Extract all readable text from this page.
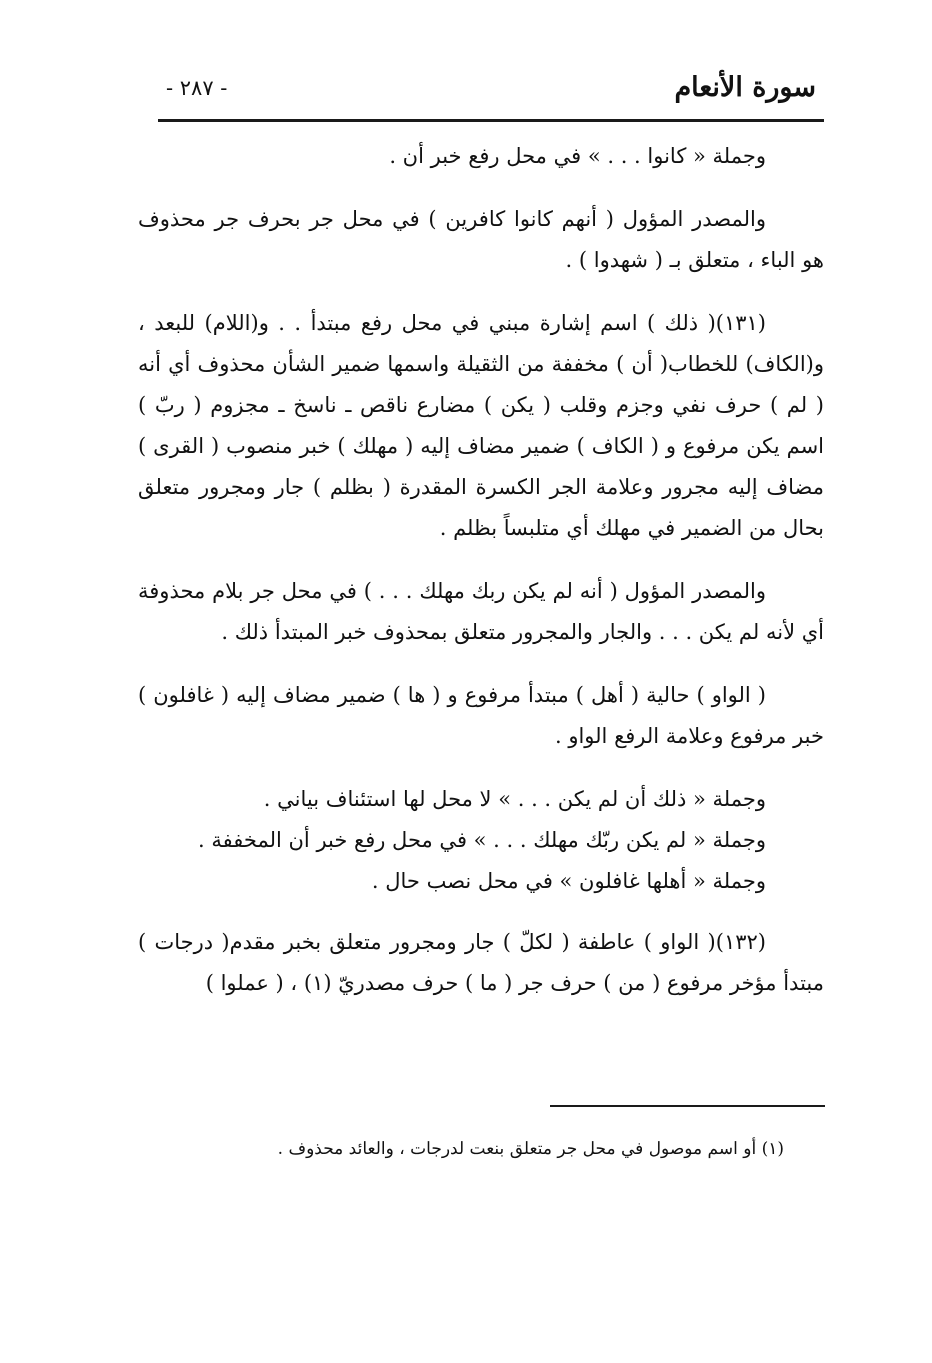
سورة الأنعام
- ٢٨٧ -

وجملة « كانوا . . . » في محل رفع خبر أن .

والمصدر المؤول ( أنهم كانوا كافرين ) في محل جر بحرف جر محذوف هو الباء ، متعلق بـ ( شهدوا ) .

(١٣١)( ذلك ) اسم إشارة مبني في محل رفع مبتدأ . . و(اللام) للبعد ، و(الكاف) للخطاب( أن ) مخففة من الثقيلة واسمها ضمير الشأن محذوف أي أنه ( لم ) حرف نفي وجزم وقلب ( يكن ) مضارع ناقص ـ ناسخ ـ مجزوم ( ربّ ) اسم يكن مرفوع و ( الكاف ) ضمير مضاف إليه ( مهلك ) خبر منصوب ( القرى ) مضاف إليه مجرور وعلامة الجر الكسرة المقدرة ( بظلم ) جار ومجرور متعلق بحال من الضمير في مهلك أي متلبساً بظلم .

والمصدر المؤول ( أنه لم يكن ربك مهلك . . . ) في محل جر بلام محذوفة أي لأنه لم يكن . . . والجار والمجرور متعلق بمحذوف خبر المبتدأ ذلك .

( الواو ) حالية ( أهل ) مبتدأ مرفوع و ( ها ) ضمير مضاف إليه ( غافلون ) خبر مرفوع وعلامة الرفع الواو .

وجملة « ذلك أن لم يكن . . . » لا محل لها استئناف بياني .
وجملة « لم يكن ربّك مهلك . . . » في محل رفع خبر أن المخففة .
وجملة « أهلها غافلون » في محل نصب حال .

(١٣٢)( الواو ) عاطفة ( لكلّ ) جار ومجرور متعلق بخبر مقدم( درجات ) مبتدأ مؤخر مرفوع ( من ) حرف جر ( ما ) حرف مصدريّ (١) ، ( عملوا )

(١) أو اسم موصول في محل جر متعلق بنعت لدرجات ، والعائد محذوف .
